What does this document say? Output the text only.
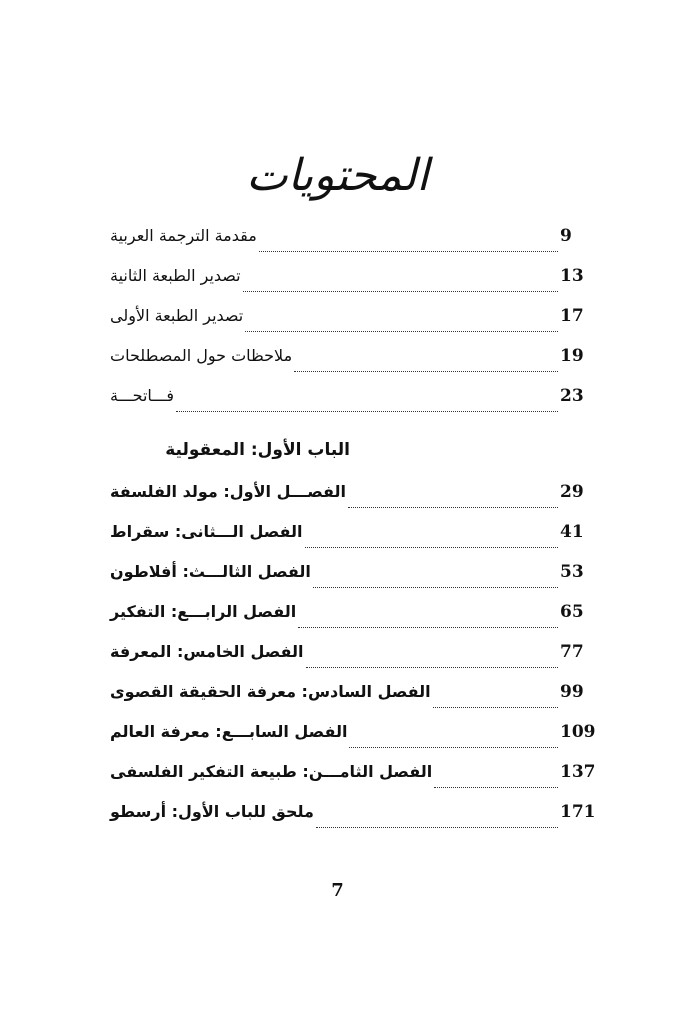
المحتويات
مقدمة الترجمة العربية	9
تصدير الطبعة الثانية	13
تصدير الطبعة الأولى	17
ملاحظات حول المصطلحات	19
فـــاتحـــة	23
الباب الأول: المعقولية
الفصـــل الأول: مولد الفلسفة	29
الفصل الـــثانى: سقراط	41
الفصل الثالـــث: أفلاطون	53
الفصل الرابـــع: التفكير	65
الفصل الخامس: المعرفة	77
الفصل السادس: معرفة الحقيقة القصوى	99
الفصل السابـــع: معرفة العالم	109
الفصل الثامـــن: طبيعة التفكير الفلسفى	137
ملحق للباب الأول: أرسطو	171
7
